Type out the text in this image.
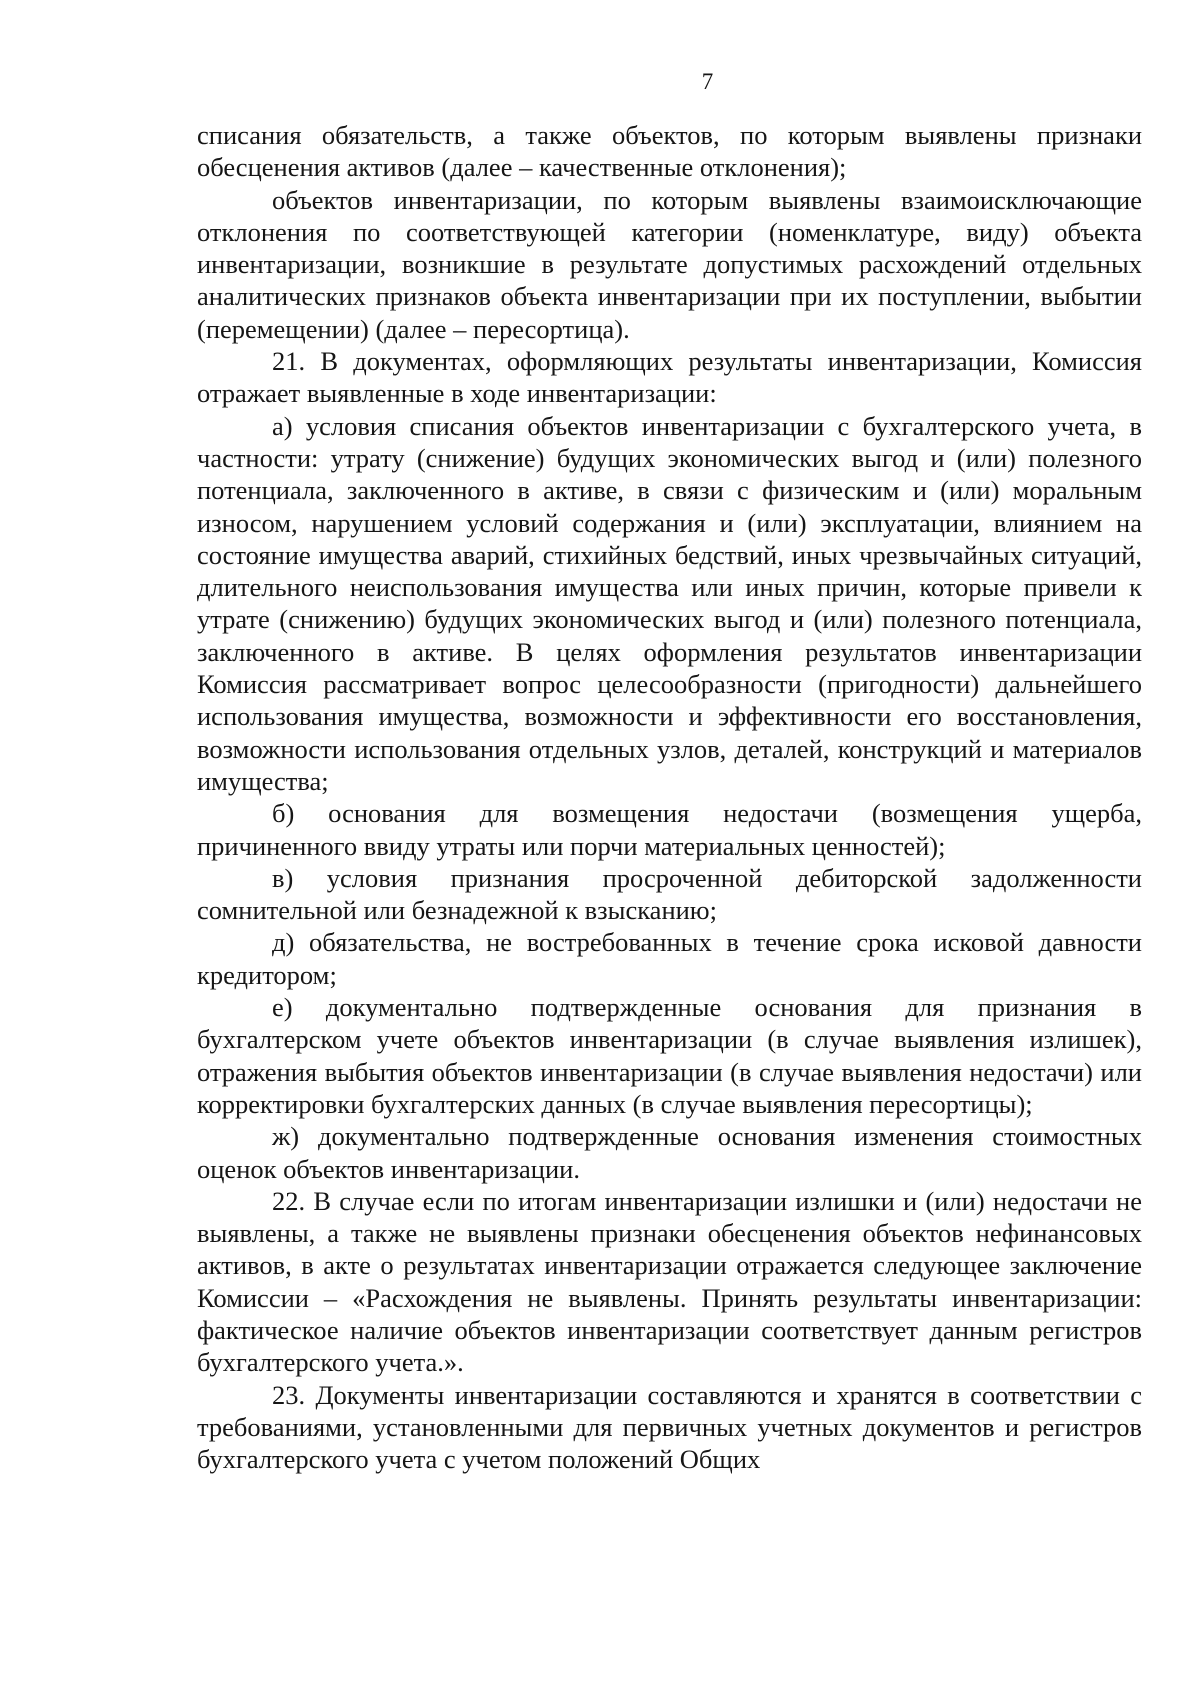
7

списания обязательств, а также объектов, по которым выявлены признаки обесценения активов (далее – качественные отклонения);

объектов инвентаризации, по которым выявлены взаимоисключающие отклонения по соответствующей категории (номенклатуре, виду) объекта инвентаризации, возникшие в результате допустимых расхождений отдельных аналитических признаков объекта инвентаризации при их поступлении, выбытии (перемещении) (далее – пересортица).

21. В документах, оформляющих результаты инвентаризации, Комиссия отражает выявленные в ходе инвентаризации:

а) условия списания объектов инвентаризации с бухгалтерского учета, в частности: утрату (снижение) будущих экономических выгод и (или) полезного потенциала, заключенного в активе, в связи с физическим и (или) моральным износом, нарушением условий содержания и (или) эксплуатации, влиянием на состояние имущества аварий, стихийных бедствий, иных чрезвычайных ситуаций, длительного неиспользования имущества или иных причин, которые привели к утрате (снижению) будущих экономических выгод и (или) полезного потенциала, заключенного в активе. В целях оформления результатов инвентаризации Комиссия рассматривает вопрос целесообразности (пригодности) дальнейшего использования имущества, возможности и эффективности его восстановления, возможности использования отдельных узлов, деталей, конструкций и материалов имущества;

б) основания для возмещения недостачи (возмещения ущерба, причиненного ввиду утраты или порчи материальных ценностей);

в) условия признания просроченной дебиторской задолженности сомнительной или безнадежной к взысканию;

д) обязательства, не востребованных в течение срока исковой давности кредитором;

е) документально подтвержденные основания для признания в бухгалтерском учете объектов инвентаризации (в случае выявления излишек), отражения выбытия объектов инвентаризации (в случае выявления недостачи) или корректировки бухгалтерских данных (в случае выявления пересортицы);

ж) документально подтвержденные основания изменения стоимостных оценок объектов инвентаризации.

22. В случае если по итогам инвентаризации излишки и (или) недостачи не выявлены, а также не выявлены признаки обесценения объектов нефинансовых активов, в акте о результатах инвентаризации отражается следующее заключение Комиссии – «Расхождения не выявлены. Принять результаты инвентаризации: фактическое наличие объектов инвентаризации соответствует данным регистров бухгалтерского учета.».

23. Документы инвентаризации составляются и хранятся в соответствии с требованиями, установленными для первичных учетных документов и регистров бухгалтерского учета с учетом положений Общих
